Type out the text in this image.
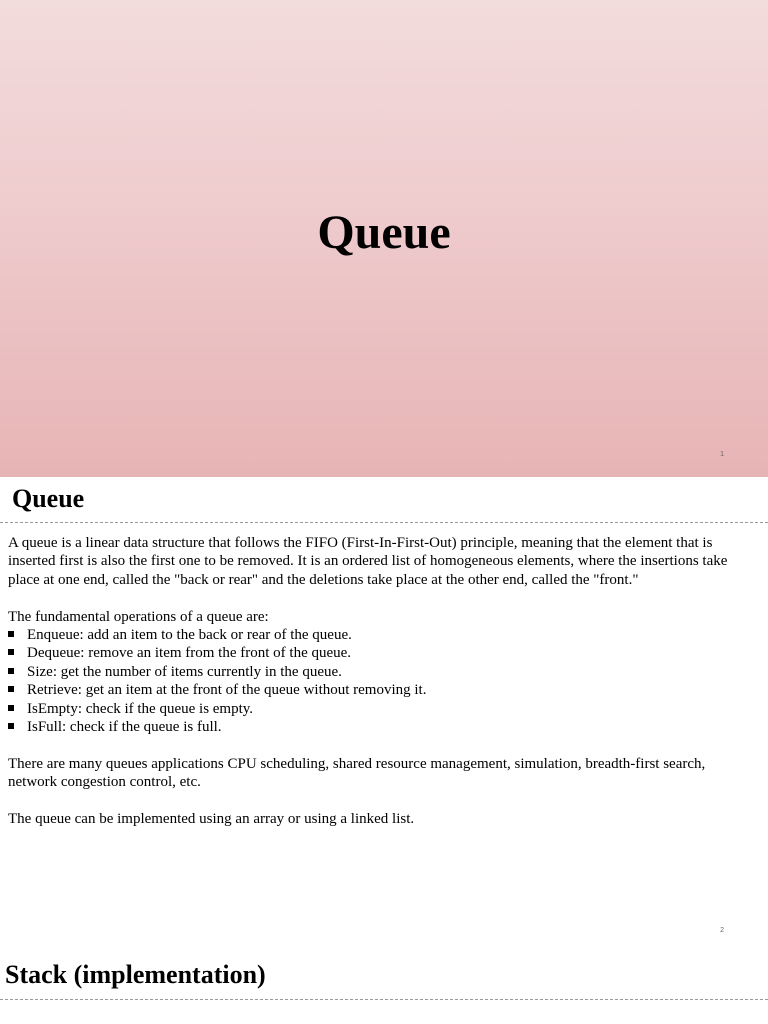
Queue
1
Queue

A queue is a linear data structure that follows the FIFO (First-In-First-Out) principle, meaning that the element that is inserted first is also the first one to be removed. It is an ordered list of homogeneous elements, where the insertions take place at one end, called the "back or rear" and the deletions take place at the other end, called the "front."

The fundamental operations of a queue are:
Enqueue: add an item to the back or rear of the queue.
Dequeue: remove an item from the front of the queue.
Size: get the number of items currently in the queue.
Retrieve: get an item at the front of the queue without removing it.
IsEmpty: check if the queue is empty.
IsFull: check if the queue is full.

There are many queues applications CPU scheduling, shared resource management, simulation, breadth-first search, network congestion control, etc.

The queue can be implemented using an array or using a linked list.

2
Stack (implementation)
